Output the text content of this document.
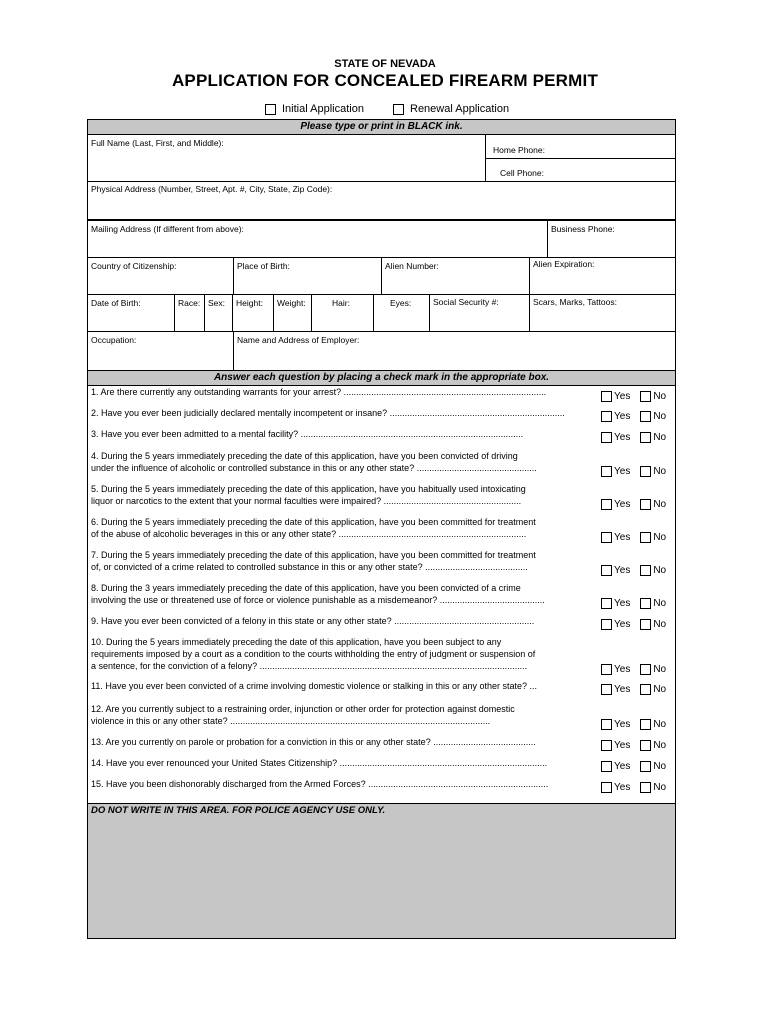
STATE OF NEVADA
APPLICATION FOR CONCEALED FIREARM PERMIT
Initial Application	Renewal Application
Please type or print in BLACK ink.
Full Name (Last, First, and Middle):
Home Phone:
Cell Phone:
Physical Address (Number, Street, Apt. #, City, State, Zip Code):
Mailing Address (If different from above):	Business Phone:
Country of Citizenship:	Place of Birth:	Alien Number:	Alien Expiration:
Date of Birth:	Race: Sex: Height: Weight:	Hair:	Eyes:	Social Security #:	Scars, Marks, Tattoos:
Occupation:	Name and Address of Employer:
Answer each question by placing a check mark in the appropriate box.
1. Are there currently any outstanding warrants for your arrest? .................................................................................	Yes No
2. Have you ever been judicially declared mentally incompetent or insane? ......................................................................	Yes No
3. Have you ever been admitted to a mental facility? .........................................................................................	Yes No
4. During the 5 years immediately preceding the date of this application, have you been convicted of driving
under the influence of alcoholic or controlled substance in this or any other state? ................................................	Yes No
5. During the 5 years immediately preceding the date of this application, have you habitually used intoxicating
liquor or narcotics to the extent that your normal faculties were impaired? .......................................................	Yes No
6. During the 5 years immediately preceding the date of this application, have you been committed for treatment
of the abuse of alcoholic beverages in this or any other state? ...........................................................................	Yes No
7. During the 5 years immediately preceding the date of this application, have you been committed for treatment
of, or convicted of a crime related to controlled substance in this or any other state? .........................................	Yes No
8. During the 3 years immediately preceding the date of this application, have you been convicted of a crime
involving the use or threatened use of force or violence punishable as a misdemeanor? ..........................................	Yes No
9. Have you ever been convicted of a felony in this state or any other state? ........................................................	Yes No
10. During the 5 years immediately preceding the date of this application, have you been subject to any
requirements imposed by a court as a condition to the courts withholding the entry of judgment or suspension of
a sentence, for the conviction of a felony? ...........................................................................................................	Yes No
11. Have you ever been convicted of a crime involving domestic violence or stalking in this or any other state? ...	Yes No
12. Are you currently subject to a restraining order, injunction or other order for protection against domestic
violence in this or any other state? ........................................................................................................	Yes No
13. Are you currently on parole or probation for a conviction in this or any other state? .........................................	Yes No
14. Have you ever renounced your United States Citizenship? ...................................................................................	Yes No
15. Have you been dishonorably discharged from the Armed Forces? ........................................................................	Yes No
DO NOT WRITE IN THIS AREA. FOR POLICE AGENCY USE ONLY.
